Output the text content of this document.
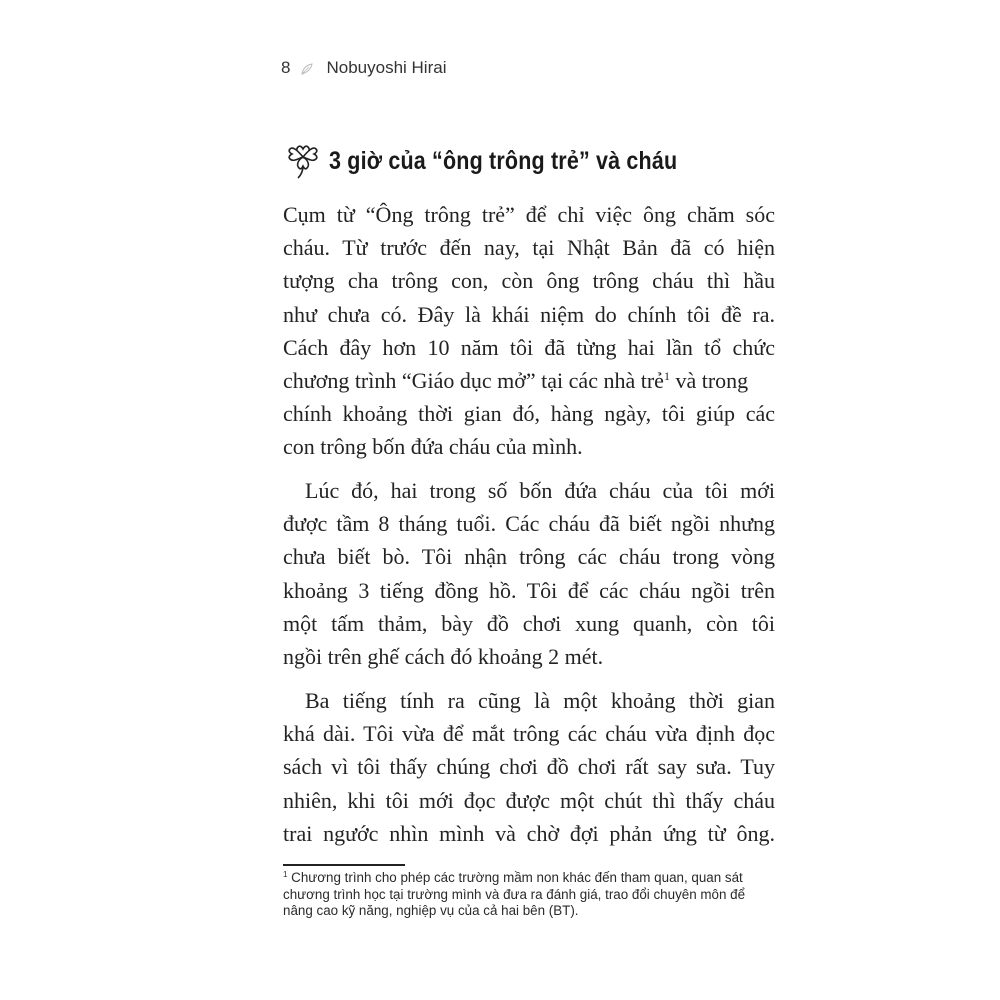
8 Nobuyoshi Hirai
3 giờ của “ông trông trẻ” và cháu
Cụm từ “Ông trông trẻ” để chỉ việc ông chăm sóc
cháu. Từ trước đến nay, tại Nhật Bản đã có hiện
tượng cha trông con, còn ông trông cháu thì hầu
như chưa có. Đây là khái niệm do chính tôi đề ra.
Cách đây hơn 10 năm tôi đã từng hai lần tổ chức
chương trình “Giáo dục mở” tại các nhà trẻ$^1$ và trong
chính khoảng thời gian đó, hàng ngày, tôi giúp các
con trông bốn đứa cháu của mình.
Lúc đó, hai trong số bốn đứa cháu của tôi mới
được tầm 8 tháng tuổi. Các cháu đã biết ngồi nhưng
chưa biết bò. Tôi nhận trông các cháu trong vòng
khoảng 3 tiếng đồng hồ. Tôi để các cháu ngồi trên
một tấm thảm, bày đồ chơi xung quanh, còn tôi
ngồi trên ghế cách đó khoảng 2 mét.
Ba tiếng tính ra cũng là một khoảng thời gian
khá dài. Tôi vừa để mắt trông các cháu vừa định đọc
sách vì tôi thấy chúng chơi đồ chơi rất say sưa. Tuy
nhiên, khi tôi mới đọc được một chút thì thấy cháu
trai ngước nhìn mình và chờ đợi phản ứng từ ông.
$^1$ Chương trình cho phép các trường mầm non khác đến tham quan, quan sát
chương trình học tại trường mình và đưa ra đánh giá, trao đổi chuyên môn để
nâng cao kỹ năng, nghiệp vụ của cả hai bên (BT).
